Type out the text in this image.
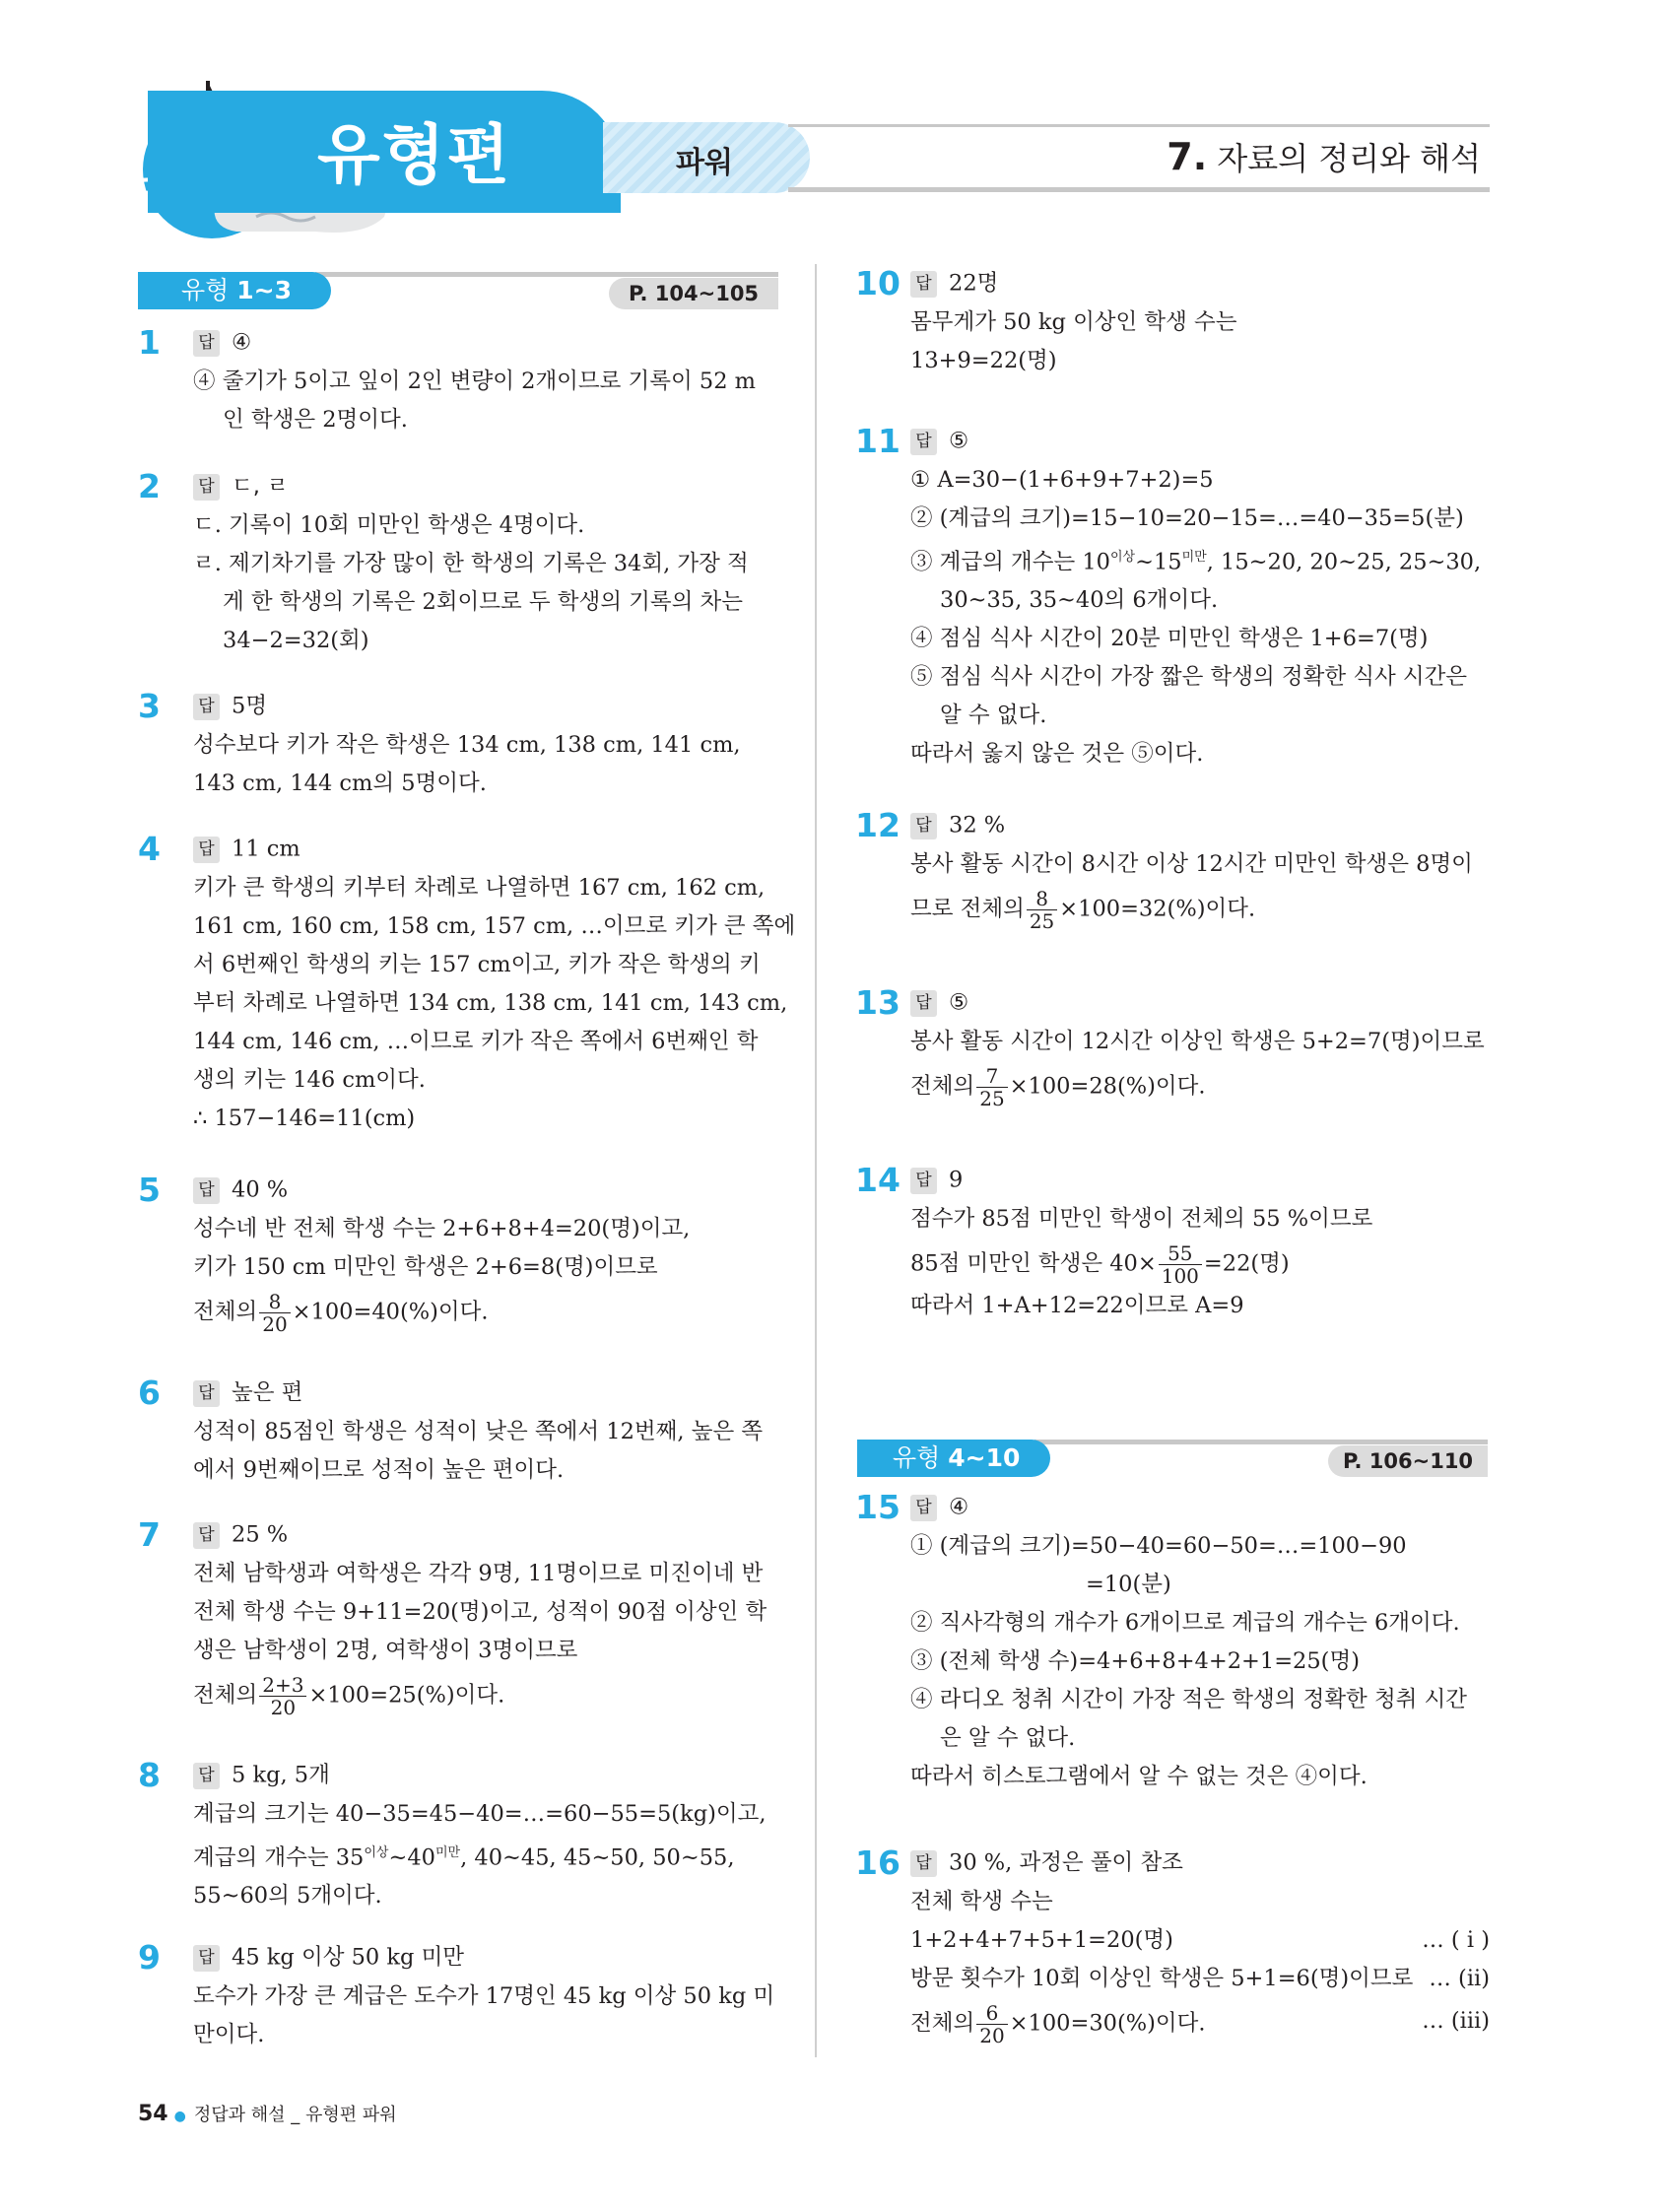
유형편	파워	7. 자료의 정리와 해석
P. 104~105
유형 1~3
P. 106~110
유형 4~10
1	답 ④
④ 줄기가 5이고 잎이 2인 변량이 2개이므로 기록이 52 m
인 학생은 2명이다.
2	답 ㄷ, ㄹ
ㄷ. 기록이 10회 미만인 학생은 4명이다.
ㄹ. 제기차기를 가장 많이 한 학생의 기록은 34회, 가장 적
게 한 학생의 기록은 2회이므로 두 학생의 기록의 차는
34−2=32(회)
3	답 5명
성수보다 키가 작은 학생은 134 cm, 138 cm, 141 cm,
143 cm, 144 cm의 5명이다.
4	답 11 cm
키가 큰 학생의 키부터 차례로 나열하면 167 cm, 162 cm,
161 cm, 160 cm, 158 cm, 157 cm, …이므로 키가 큰 쪽에
서 6번째인 학생의 키는 157 cm이고, 키가 작은 학생의 키
부터 차례로 나열하면 134 cm, 138 cm, 141 cm, 143 cm,
144 cm, 146 cm, …이므로 키가 작은 쪽에서 6번째인 학
생의 키는 146 cm이다.
∴ 157−146=11(cm)
5	답 40 %
성수네 반 전체 학생 수는 2+6+8+4=20(명)이고,
키가 150 cm 미만인 학생은 2+6=8(명)이므로
전체의 $\frac{8}{20} \times 100=40(\%)$이다.
6	답 높은 편
성적이 85점인 학생은 성적이 낮은 쪽에서 12번째, 높은 쪽
에서 9번째이므로 성적이 높은 편이다.
7	답 25 %
전체 남학생과 여학생은 각각 9명, 11명이므로 미진이네 반
전체 학생 수는 9+11=20(명)이고, 성적이 90점 이상인 학
생은 남학생이 2명, 여학생이 3명이므로
전체의 $\frac{2+3}{20} \times 100=25(\%)$이다.
8	답 5 kg, 5개
계급의 크기는 40−35=45−40=…=60−55=5(kg)이고,
계급의 개수는 $35^{이상}\sim 40^{미만}$, 40~45, 45~50, 50~55,
55~60의 5개이다.
9	답 45 kg 이상 50 kg 미만
도수가 가장 큰 계급은 도수가 17명인 45 kg 이상 50 kg 미
만이다.
10 답 22명
몸무게가 50 kg 이상인 학생 수는
13+9=22(명)
11 답 ⑤
① A=30−(1+6+9+7+2)=5
② (계급의 크기)=15−10=20−15=…=40−35=5(분)
③ 계급의 개수는 $10^{이상}\sim 15^{미만}$, 15~20, 20~25, 25~30,
30~35, 35~40의 6개이다.
④ 점심 식사 시간이 20분 미만인 학생은 1+6=7(명)
⑤ 점심 식사 시간이 가장 짧은 학생의 정확한 식사 시간은
알 수 없다.
따라서 옳지 않은 것은 ⑤이다.
12 답 32 %
봉사 활동 시간이 8시간 이상 12시간 미만인 학생은 8명이
므로 전체의 $\frac{8}{25} \times 100=32(\%)$이다.
13 답 ⑤
봉사 활동 시간이 12시간 이상인 학생은 5+2=7(명)이므로
전체의 $\frac{7}{25} \times 100=28(\%)$이다.
14 답 9
점수가 85점 미만인 학생이 전체의 55 %이므로
85점 미만인 학생은 $40\times \frac{55}{100} =22$(명)
따라서 1+A+12=22이므로 A=9
15 답 ④
① (계급의 크기)=50−40=60−50=…=100−90
=10(분)
② 직사각형의 개수가 6개이므로 계급의 개수는 6개이다.
③ (전체 학생 수)=4+6+8+4+2+1=25(명)
④ 라디오 청취 시간이 가장 적은 학생의 정확한 청취 시간
은 알 수 없다.
따라서 히스토그램에서 알 수 없는 것은 ④이다.
16 답 30 %, 과정은 풀이 참조
전체 학생 수는
1+2+4+7+5+1=20(명)	… ( i )
방문 횟수가 10회 이상인 학생은 5+1=6(명)이므로 … (ii)
전체의 $\frac{6}{20} \times 100=30(\%)$이다.	… (iii)
54 ● 정답과 해설 _ 유형편 파워
